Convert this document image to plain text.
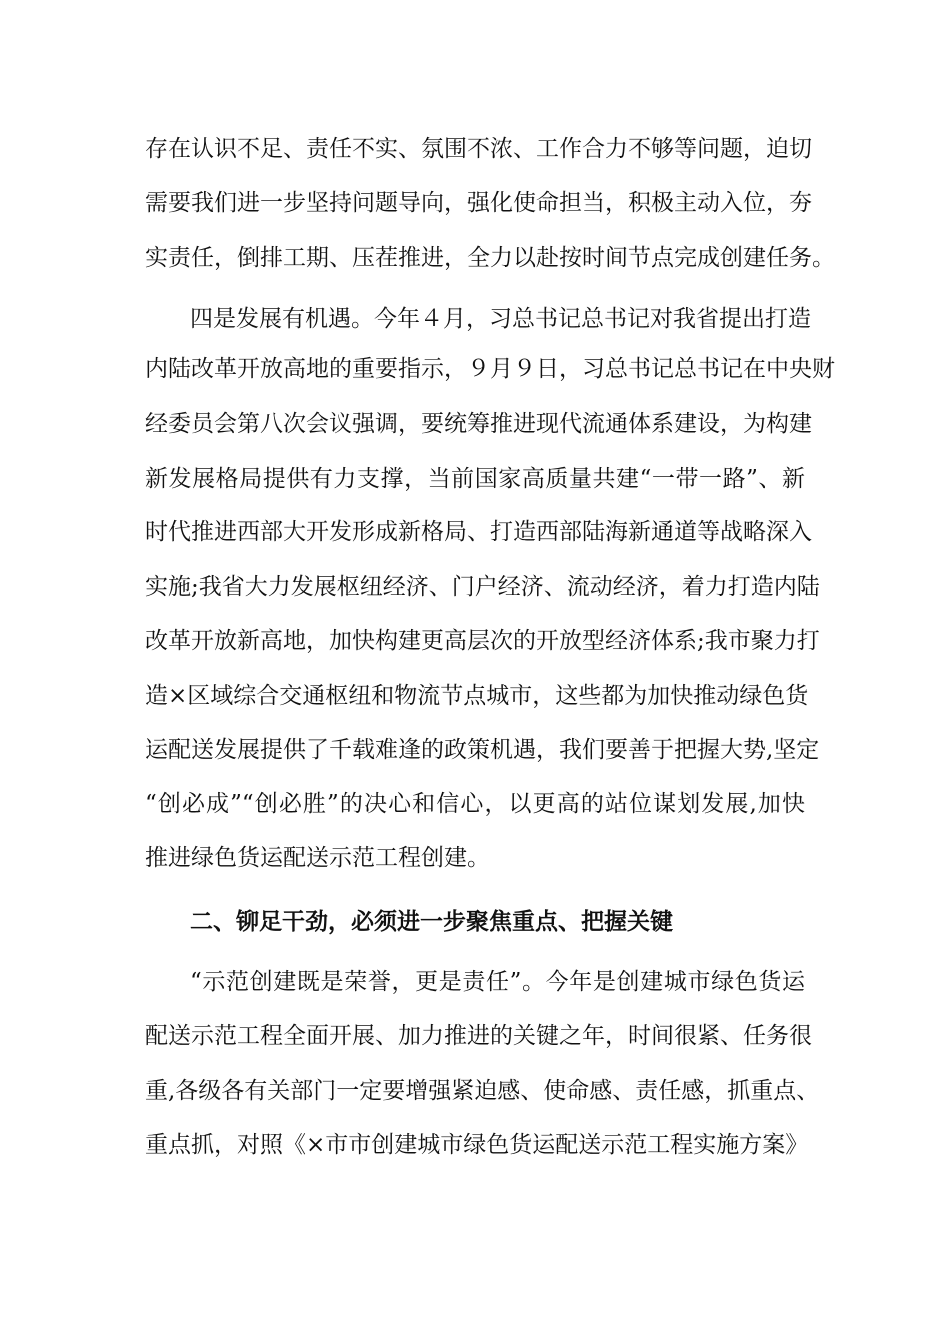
存在认识不足、责任不实、氛围不浓、工作合力不够等问题，迫切
需要我们进一步坚持问题导向，强化使命担当，积极主动入位，夯
实责任，倒排工期、压茬推进，全力以赴按时间节点完成创建任务。
四是发展有机遇。今年４月，习总书记总书记对我省提出打造
内陆改革开放高地的重要指示，９月９日，习总书记总书记在中央财
经委员会第八次会议强调，要统筹推进现代流通体系建设，为构建
新发展格局提供有力支撑，当前国家高质量共建“一带一路”、新
时代推进西部大开发形成新格局、打造西部陆海新通道等战略深入
实施;我省大力发展枢纽经济、门户经济、流动经济，着力打造内陆
改革开放新高地，加快构建更高层次的开放型经济体系;我市聚力打
造×区域综合交通枢纽和物流节点城市，这些都为加快推动绿色货
运配送发展提供了千载难逢的政策机遇，我们要善于把握大势,坚定
“创必成”“创必胜”的决心和信心，以更高的站位谋划发展,加快
推进绿色货运配送示范工程创建。
二、铆足干劲，必须进一步聚焦重点、把握关键
“示范创建既是荣誉，更是责任”。今年是创建城市绿色货运
配送示范工程全面开展、加力推进的关键之年，时间很紧、任务很
重,各级各有关部门一定要增强紧迫感、使命感、责任感，抓重点、
重点抓，对照《×市市创建城市绿色货运配送示范工程实施方案》
